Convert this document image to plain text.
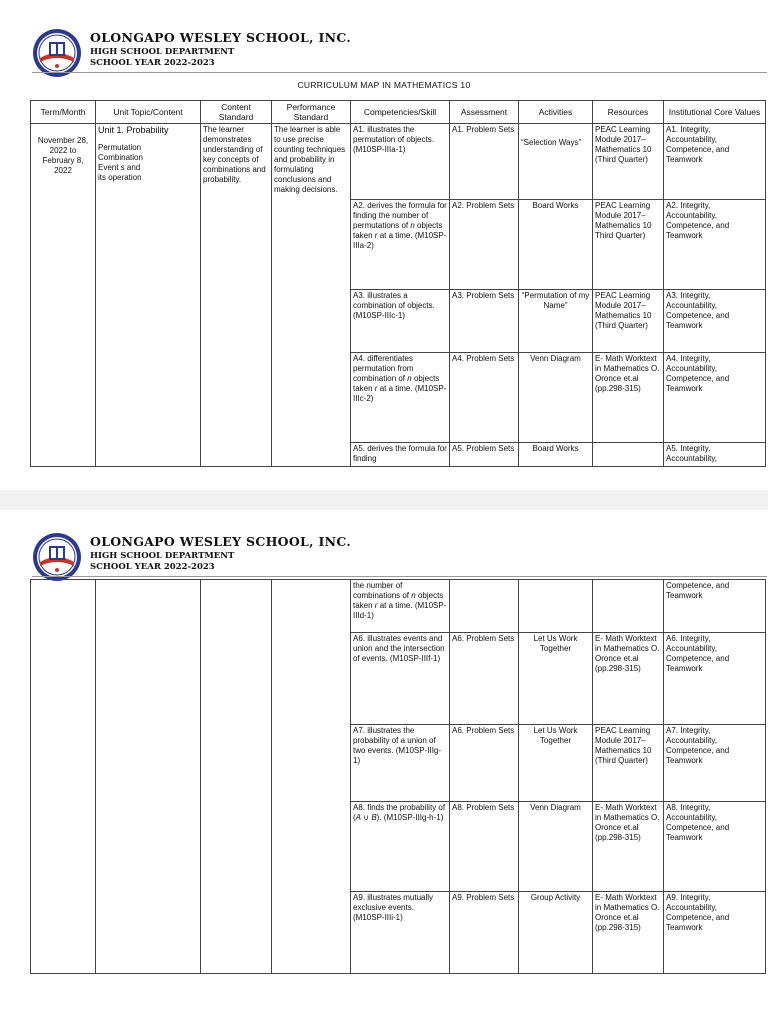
OLONGAPO WESLEY SCHOOL, INC.
HIGH SCHOOL DEPARTMENT
SCHOOL YEAR 2022-2023
CURRICULUM MAP IN MATHEMATICS 10
Term/Month	Unit Topic/Content	Content Standard	Performance Standard	Competencies/Skill	Assessment	Activities	Resources	Institutional Core Values
November 28, 2022 to February 8, 2022	Unit 1. Probability
Permutation
Combination
Event s and
its operation	The learner demonstrates understanding of key concepts of combinations and probability.	The learner is able to use precise counting techniques and probability in formulating conclusions and making decisions.	A1. illustrates the permutation of objects. (M10SP-IIIa-1)	A1. Problem Sets	“Selection Ways”	PEAC Learning Module 2017– Mathematics 10 (Third Quarter)	A1. Integrity, Accountability, Competence, and Teamwork
				A2. derives the formula for finding the number of permutations of n objects taken r at a time. (M10SP-IIIa-2)	A2. Problem Sets	Board Works	PEAC Learning Module 2017– Mathematics 10 Third Quarter)	A2. Integrity, Accountability, Competence, and Teamwork
				A3. illustrates a combination of objects. (M10SP-IIIc-1)	A3. Problem Sets	“Permutation of my Name”	PEAC Learning Module 2017– Mathematics 10 (Third Quarter)	A3. Integrity, Accountability, Competence, and Teamwork
				A4. differentiates permutation from combination of n objects taken r at a time. (M10SP-IIIc-2)	A4. Problem Sets	Venn Diagram	E- Math Worktext in Mathematics O. Oronce et.al (pp.298-315)	A4. Integrity, Accountability, Competence, and Teamwork
				A5. derives the formula for finding	A5. Problem Sets	Board Works		A5. Integrity, Accountability,
OLONGAPO WESLEY SCHOOL, INC.
HIGH SCHOOL DEPARTMENT
SCHOOL YEAR 2022-2023
				the number of combinations of n objects taken r at a time. (M10SP-IIId-1)				Competence, and Teamwork
				A6. illustrates events and union and the intersection of events. (M10SP-IIIf-1)	A6. Problem Sets	Let Us Work Together	E- Math Worktext in Mathematics O. Oronce et.al (pp.298-315)	A6. Integrity, Accountability, Competence, and Teamwork
				A7. illustrates the probability of a union of two events. (M10SP-IIIg-1)	A6. Problem Sets	Let Us Work Together	PEAC Learning Module 2017– Mathematics 10 (Third Quarter)	A7. Integrity, Accountability, Competence, and Teamwork
				A8. finds the probability of (A ∪ B). (M10SP-IIIg-h-1)	A8. Problem Sets	Venn Diagram	E- Math Worktext in Mathematics O. Oronce et.al (pp.298-315)	A8. Integrity, Accountability, Competence, and Teamwork
				A9. illustrates mutually exclusive events. (M10SP-IIIi-1)	A9. Problem Sets	Group Activity	E- Math Worktext in Mathematics O. Oronce et.al (pp.298-315)	A9. Integrity, Accountability, Competence, and Teamwork
